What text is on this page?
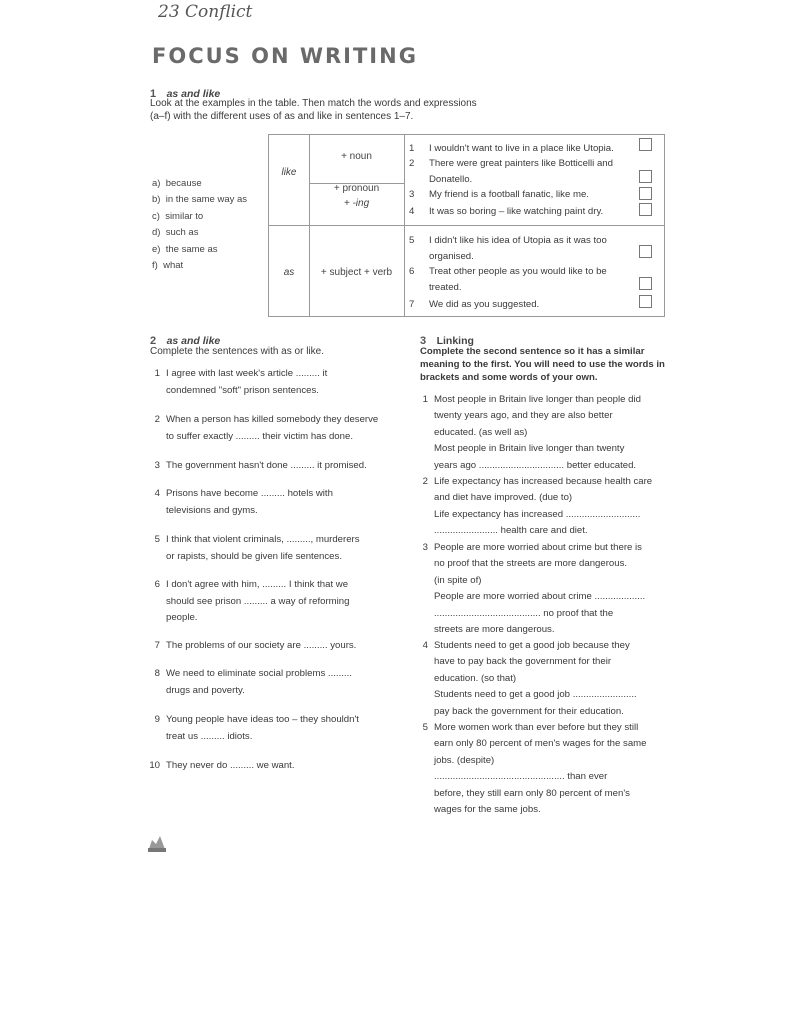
23 Conflict
FOCUS ON WRITING
1 as and like
Look at the examples in the table. Then match the words and expressions
(a–f) with the different uses of as and like in sentences 1–7.
a)  because
b)  in the same way as
c)  similar to
d)  such as
e)  the same as
f)  what
like
as
+ noun
+ pronoun
+ -ing
+ subject + verb
1 I wouldn't want to live in a place like Utopia.
2 There were great painters like Botticelli and
Donatello.
3 My friend is a football fanatic, like me.
4 It was so boring – like watching paint dry.
5 I didn't like his idea of Utopia as it was too
organised.
6 Treat other people as you would like to be
treated.
7 We did as you suggested.
2 as and like
Complete the sentences with as or like.
1 I agree with last week's article ......... it
condemned "soft" prison sentences.
2 When a person has killed somebody they deserve
to suffer exactly ......... their victim has done.
3 The government hasn't done ......... it promised.
4 Prisons have become ......... hotels with
televisions and gyms.
5 I think that violent criminals, ........., murderers
or rapists, should be given life sentences.
6 I don't agree with him, ......... I think that we
should see prison ......... a way of reforming
people.
7 The problems of our society are ......... yours.
8 We need to eliminate social problems .........
drugs and poverty.
9 Young people have ideas too – they shouldn't
treat us ......... idiots.
10 They never do ......... we want.
3 Linking
Complete the second sentence so it has a similar
meaning to the first. You will need to use the words in
brackets and some words of your own.
1 Most people in Britain live longer than people did
twenty years ago, and they are also better
educated. (as well as)
Most people in Britain live longer than twenty
years ago ................................ better educated.
2 Life expectancy has increased because health care
and diet have improved. (due to)
Life expectancy has increased ............................
........................ health care and diet.
3 People are more worried about crime but there is
no proof that the streets are more dangerous.
(in spite of)
People are more worried about crime ...................
........................................ no proof that the
streets are more dangerous.
4 Students need to get a good job because they
have to pay back the government for their
education. (so that)
Students need to get a good job ........................
pay back the government for their education.
5 More women work than ever before but they still
earn only 80 percent of men's wages for the same
jobs. (despite)
................................................. than ever
before, they still earn only 80 percent of men's
wages for the same jobs.
